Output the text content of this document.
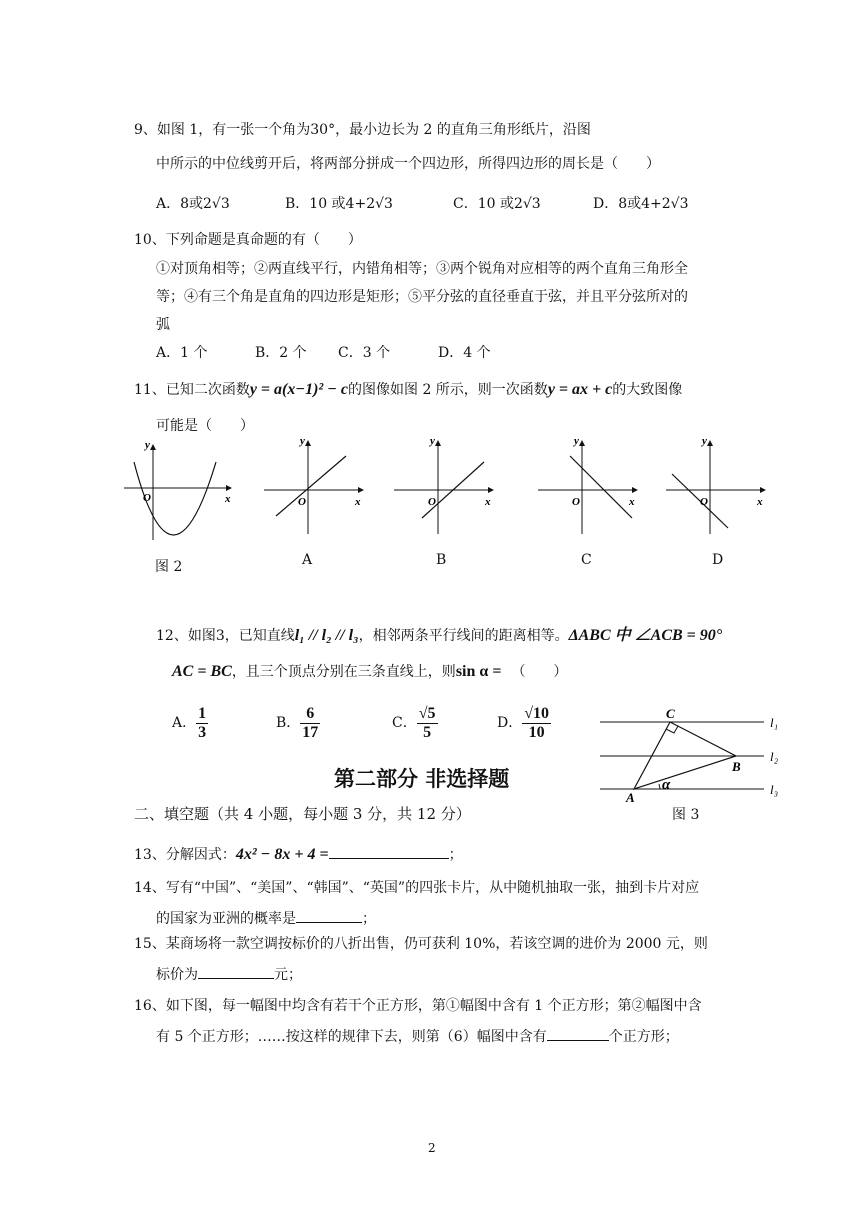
9、如图 1，有一张一个角为30°，最小边长为 2 的直角三角形纸片，沿图
中所示的中位线剪开后，将两部分拼成一个四边形，所得四边形的周长是（　　）
A．8或2√3	B．10 或4+2√3	C．10 或2√3	D．8或4+2√3
10、下列命题是真命题的有（　　）
①对顶角相等；②两直线平行，内错角相等；③两个锐角对应相等的两个直角三角形全
等；④有三个角是直角的四边形是矩形；⑤平分弦的直径垂直于弦，并且平分弦所对的
弧
A．1 个	B．2 个 C．3 个	D．4 个
11、已知二次函数y = a(x−1)² − c的图像如图 2 所示，则一次函数y = ax + c的大致图像
可能是（　　）
y
x
O
图 2
y
x
O
A
y
x
O
B
y
x
O
C
y
x
O
D
12、如图3，已知直线l₁ // l₂ // l₃，相邻两条平行线间的距离相等。ΔABC 中 ∠ACB = 90°
AC = BC，且三个顶点分别在三条直线上，则sin α = （　　）
A． $\frac{1}{3}$	B． $\frac{6}{17}$	C． $\frac{√5}{5}$	D． $\frac{√10}{10}$	C
B
A
α
l₁
l₂
l₃
图 3
第二部分 非选择题
二、填空题（共 4 小题，每小题 3 分，共 12 分）
13、分解因式：4x² − 8x + 4 =	；
14、写有“中国”、“美国”、“韩国”、“英国”的四张卡片，从中随机抽取一张，抽到卡片对应
的国家为亚洲的概率是	；
15、某商场将一款空调按标价的八折出售，仍可获利 10%，若该空调的进价为 2000 元，则
标价为	元；
16、如下图，每一幅图中均含有若干个正方形，第①幅图中含有 1 个正方形；第②幅图中含
有 5 个正方形；……按这样的规律下去，则第（6）幅图中含有	个正方形；
2
